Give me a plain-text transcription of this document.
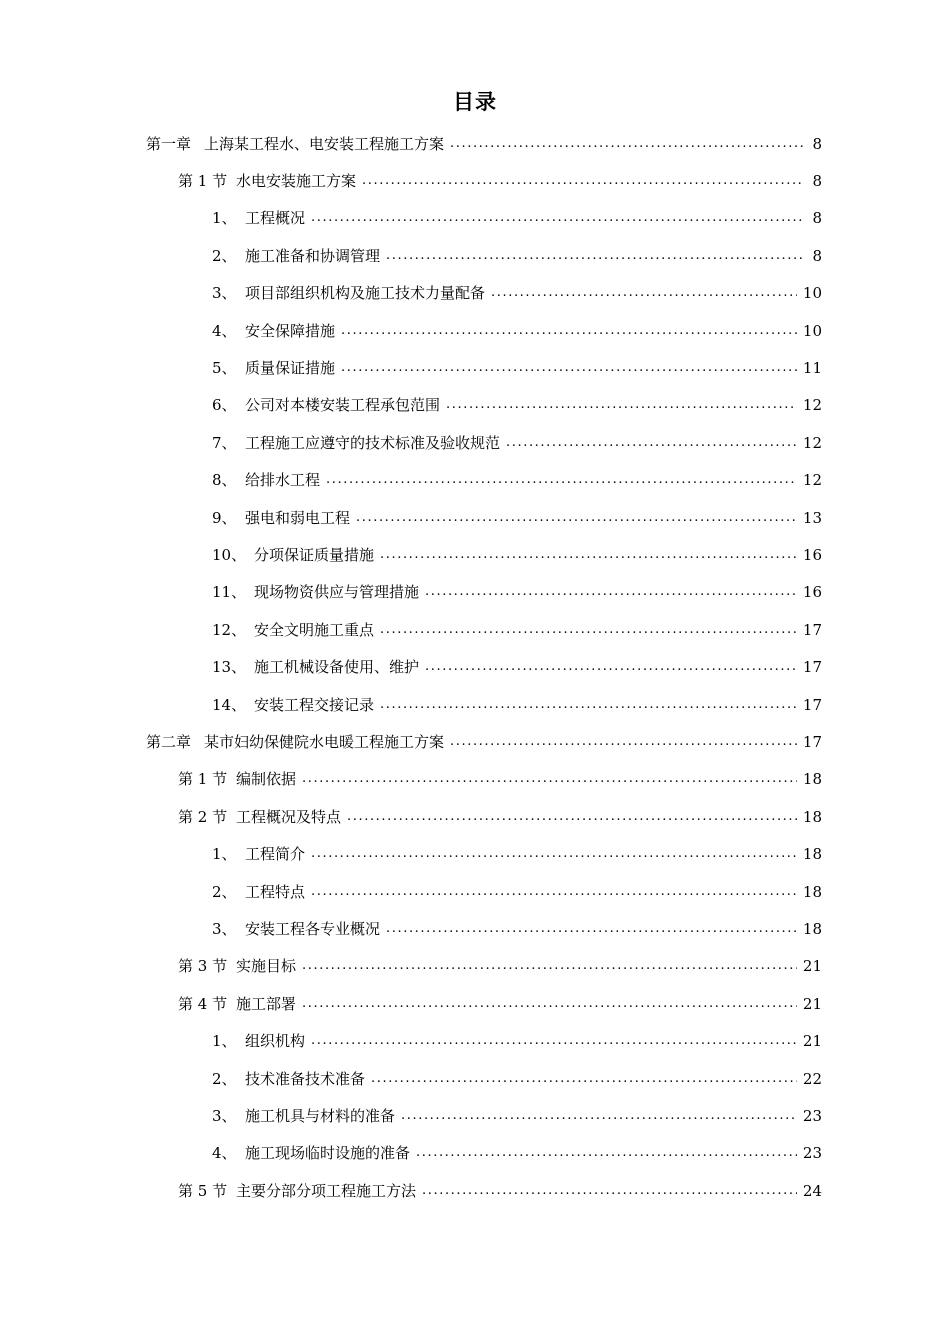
目录
第一章 上海某工程水、电安装工程施工方案 .....	8
第 1 节 水电安装施工方案 .....	8
1、 工程概况 .....	8
2、 施工准备和协调管理 .....	8
3、 项目部组织机构及施工技术力量配备 .....	10
4、 安全保障措施 .....	10
5、 质量保证措施 .....	11
6、 公司对本楼安装工程承包范围 .....	12
7、 工程施工应遵守的技术标准及验收规范 .....	12
8、 给排水工程 .....	12
9、 强电和弱电工程 .....	13
10、 分项保证质量措施 .....	16
11、 现场物资供应与管理措施 .....	16
12、 安全文明施工重点 .....	17
13、 施工机械设备使用、维护 .....	17
14、 安装工程交接记录 .....	17
第二章 某市妇幼保健院水电暖工程施工方案 .....	17
第 1 节 编制依据 .....	18
第 2 节 工程概况及特点 .....	18
1、 工程简介 .....	18
2、 工程特点 .....	18
3、 安装工程各专业概况 .....	18
第 3 节 实施目标 .....	21
第 4 节 施工部署 .....	21
1、 组织机构 .....	21
2、 技术准备技术准备 .....	22
3、 施工机具与材料的准备 .....	23
4、 施工现场临时设施的准备 .....	23
第 5 节 主要分部分项工程施工方法 .....	24
